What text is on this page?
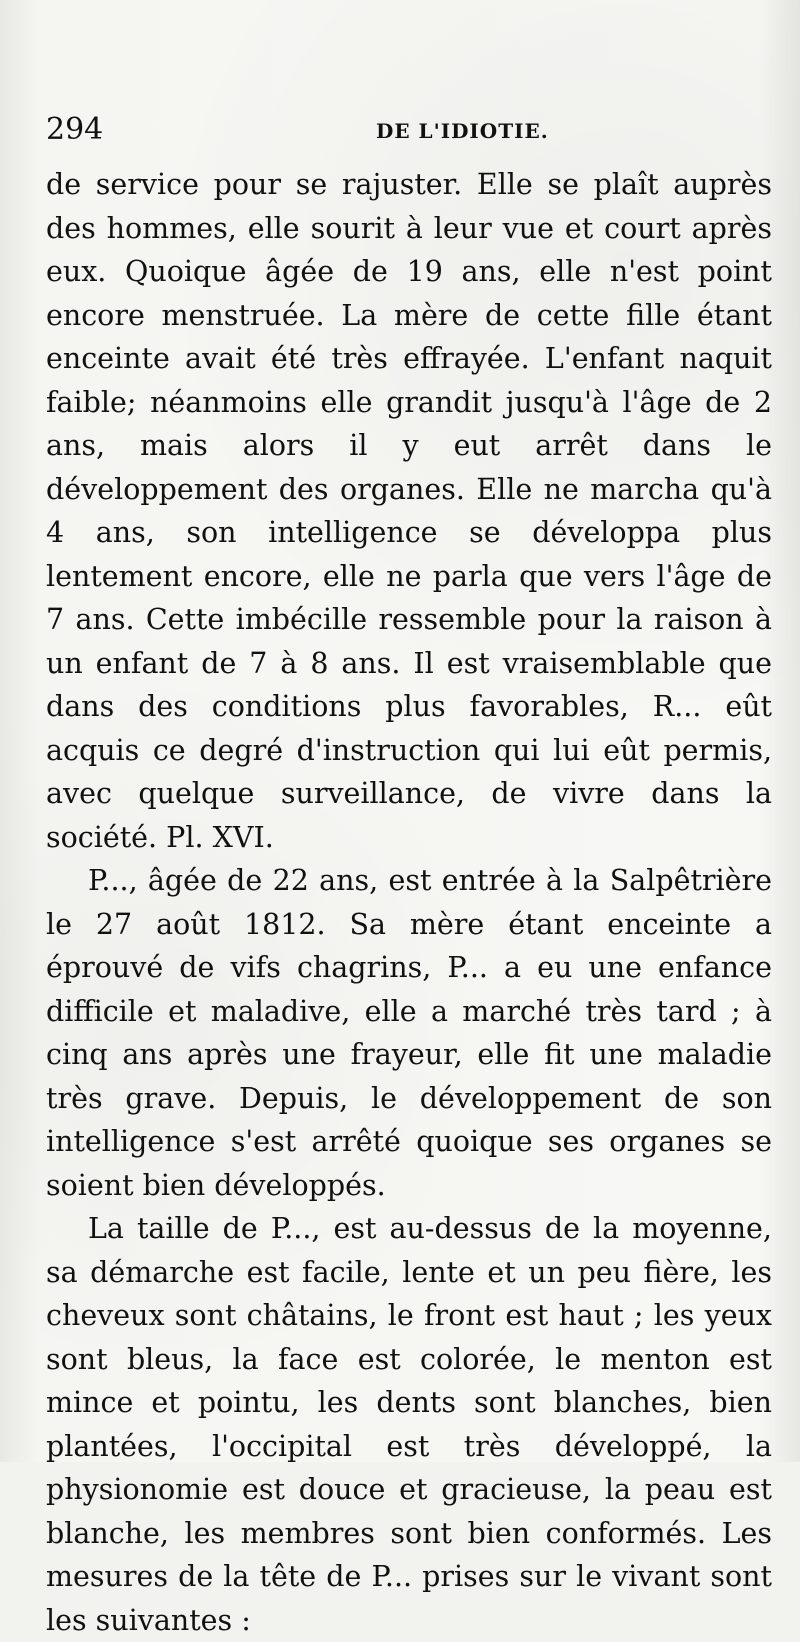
294	DE L'IDIOTIE.

de service pour se rajuster. Elle se plaît auprès des hommes, elle sourit à leur vue et court après eux. Quoique âgée de 19 ans, elle n'est point encore menstruée. La mère de cette fille étant enceinte avait été très effrayée. L'enfant naquit faible; néanmoins elle grandit jusqu'à l'âge de 2 ans, mais alors il y eut arrêt dans le développement des organes. Elle ne marcha qu'à 4 ans, son intelligence se développa plus lentement encore, elle ne parla que vers l'âge de 7 ans. Cette imbécille ressemble pour la raison à un enfant de 7 à 8 ans. Il est vraisemblable que dans des conditions plus favorables, R... eût acquis ce degré d'instruction qui lui eût permis, avec quelque surveillance, de vivre dans la société. Pl. XVI.

P..., âgée de 22 ans, est entrée à la Salpêtrière le 27 août 1812. Sa mère étant enceinte a éprouvé de vifs chagrins, P... a eu une enfance difficile et maladive, elle a marché très tard ; à cinq ans après une frayeur, elle fit une maladie très grave. Depuis, le développement de son intelligence s'est arrêté quoique ses organes se soient bien développés.

La taille de P..., est au-dessus de la moyenne, sa démarche est facile, lente et un peu fière, les cheveux sont châtains, le front est haut ; les yeux sont bleus, la face est colorée, le menton est mince et pointu, les dents sont blanches, bien plantées, l'occipital est très développé, la physionomie est douce et gracieuse, la peau est blanche, les membres sont bien conformés. Les mesures de la tête de P... prises sur le vivant sont les suivantes :
